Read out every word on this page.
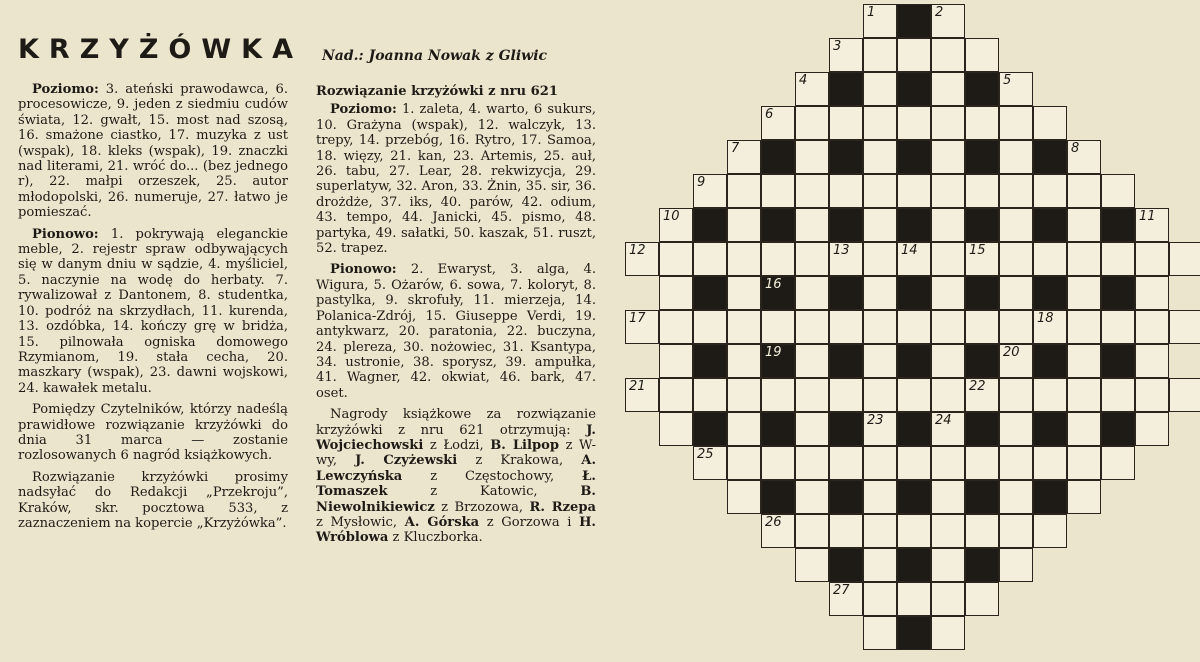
KRZYŻÓWKA Nad.: Joanna Nowak z Gliwic

Poziomo: 3. ateński prawodawca, 6. procesowicze, 9. jeden z siedmiu cudów świata, 12. gwałt, 15. most nad szosą, 16. smażone ciastko, 17. muzyka z ust (wspak), 18. kleks (wspak), 19. znaczki nad literami, 21. wróć do... (bez jednego r), 22. małpi orzeszek, 25. autor młodopolski, 26. numeruje, 27. łatwo je pomieszać.

Pionowo: 1. pokrywają eleganckie meble, 2. rejestr spraw odbywających się w danym dniu w sądzie, 4. myśliciel, 5. naczynie na wodę do herbaty. 7. rywalizował z Dantonem, 8. studentka, 10. podróż na skrzydłach, 11. kurenda, 13. ozdóbka, 14. kończy grę w bridża, 15. pilnowała ogniska domowego Rzymianom, 19. stała cecha, 20. maszkary (wspak), 23. dawni wojskowi, 24. kawałek metalu.

Pomiędzy Czytelników, którzy nadeślą prawidłowe rozwiązanie krzyżówki do dnia 31 marca — zostanie rozlosowanych 6 nagród książkowych.

Rozwiązanie krzyżówki prosimy nadsyłać do Redakcji „Przekroju”, Kraków, skr. pocztowa 533, z zaznaczeniem na kopercie „Krzyżówka”.

Rozwiązanie krzyżówki z nru 621

Poziomo: 1. zaleta, 4. warto, 6 sukurs, 10. Grażyna (wspak), 12. walczyk, 13. trepy, 14. przebóg, 16. Rytro, 17. Samoa, 18. więzy, 21. kan, 23. Artemis, 25. auł, 26. tabu, 27. Lear, 28. rekwizycja, 29. superlatyw, 32. Aron, 33. Żnin, 35. sir, 36. drożdże, 37. iks, 40. parów, 42. odium, 43. tempo, 44. Janicki, 45. pismo, 48. partyka, 49. sałatki, 50. kaszak, 51. ruszt, 52. trapez.

Pionowo: 2. Ewaryst, 3. alga, 4. Wigura, 5. Ożarów, 6. sowa, 7. koloryt, 8. pastylka, 9. skrofuły, 11. mierzeja, 14. Polanica-Zdrój, 15. Giuseppe Verdi, 19. antykwarz, 20. paratonia, 22. buczyna, 24. plereza, 30. nożowiec, 31. Ksantypa, 34. ustronie, 38. sporysz, 39. ampułka, 41. Wagner, 42. okwiat, 46. bark, 47. oset.

Nagrody książkowe za rozwiązanie krzyżówki z nru 621 otrzymują: J. Wojciechowski z Łodzi, B. Lilpop z W-wy, J. Czyżewski z Krakowa, A. Lewczyńska z Częstochowy, Ł. Tomaszek z Katowic, B. Niewolnikiewicz z Brzozowa, R. Rzepa z Mysłowic, A. Górska z Gorzowa i H. Wróblowa z Kluczborka.

1	2
3
4	5
6
7	8
9
10	11
12	13	14	15
16
17	18
19	20
21	22
23	24
25
26
27
